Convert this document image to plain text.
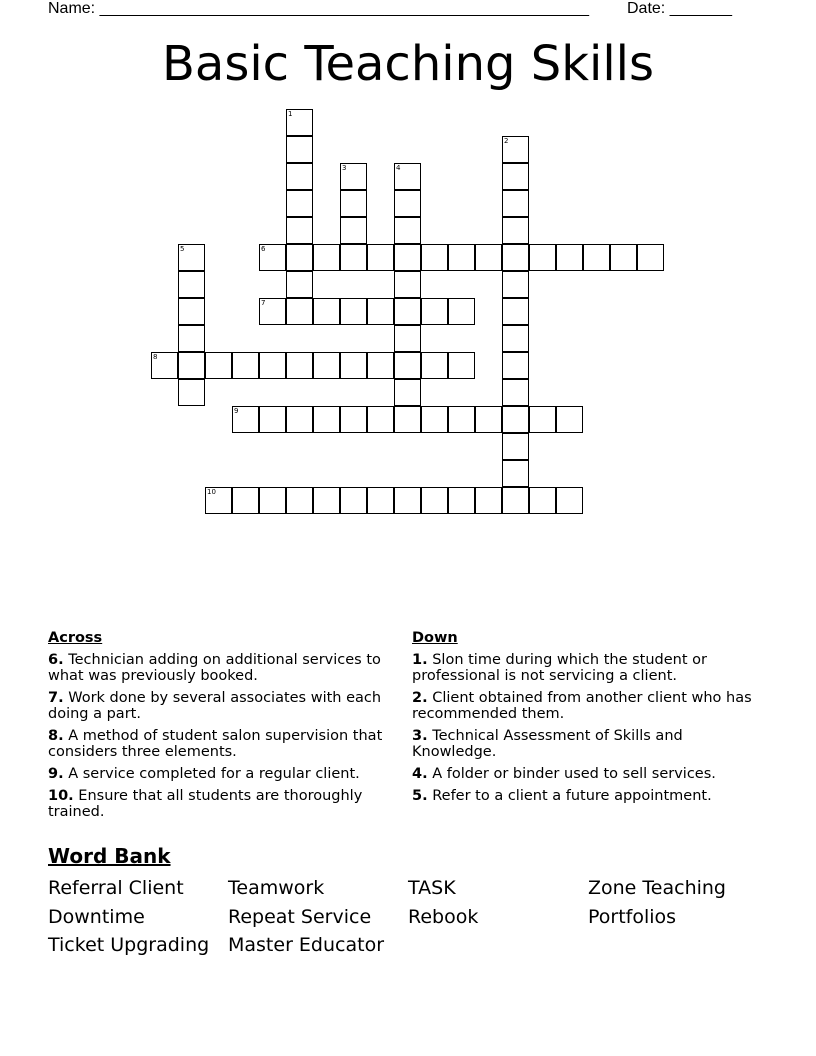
Name: _______________________________________________________ Date: _______
Basic Teaching Skills
1
2
3	4
5	6
7
8
9
10
Across
6. Technician adding on additional services to what was previously booked.
7. Work done by several associates with each doing a part.
8. A method of student salon supervision that considers three elements.
9. A service completed for a regular client.
10. Ensure that all students are thoroughly trained.
Down
1. Slon time during which the student or professional is not servicing a client.
2. Client obtained from another client who has recommended them.
3. Technical Assessment of Skills and Knowledge.
4. A folder or binder used to sell services.
5. Refer to a client a future appointment.
Word Bank
Referral Client	Teamwork	TASK	Zone Teaching
Downtime	Repeat Service	Rebook	Portfolios
Ticket Upgrading Master Educator
